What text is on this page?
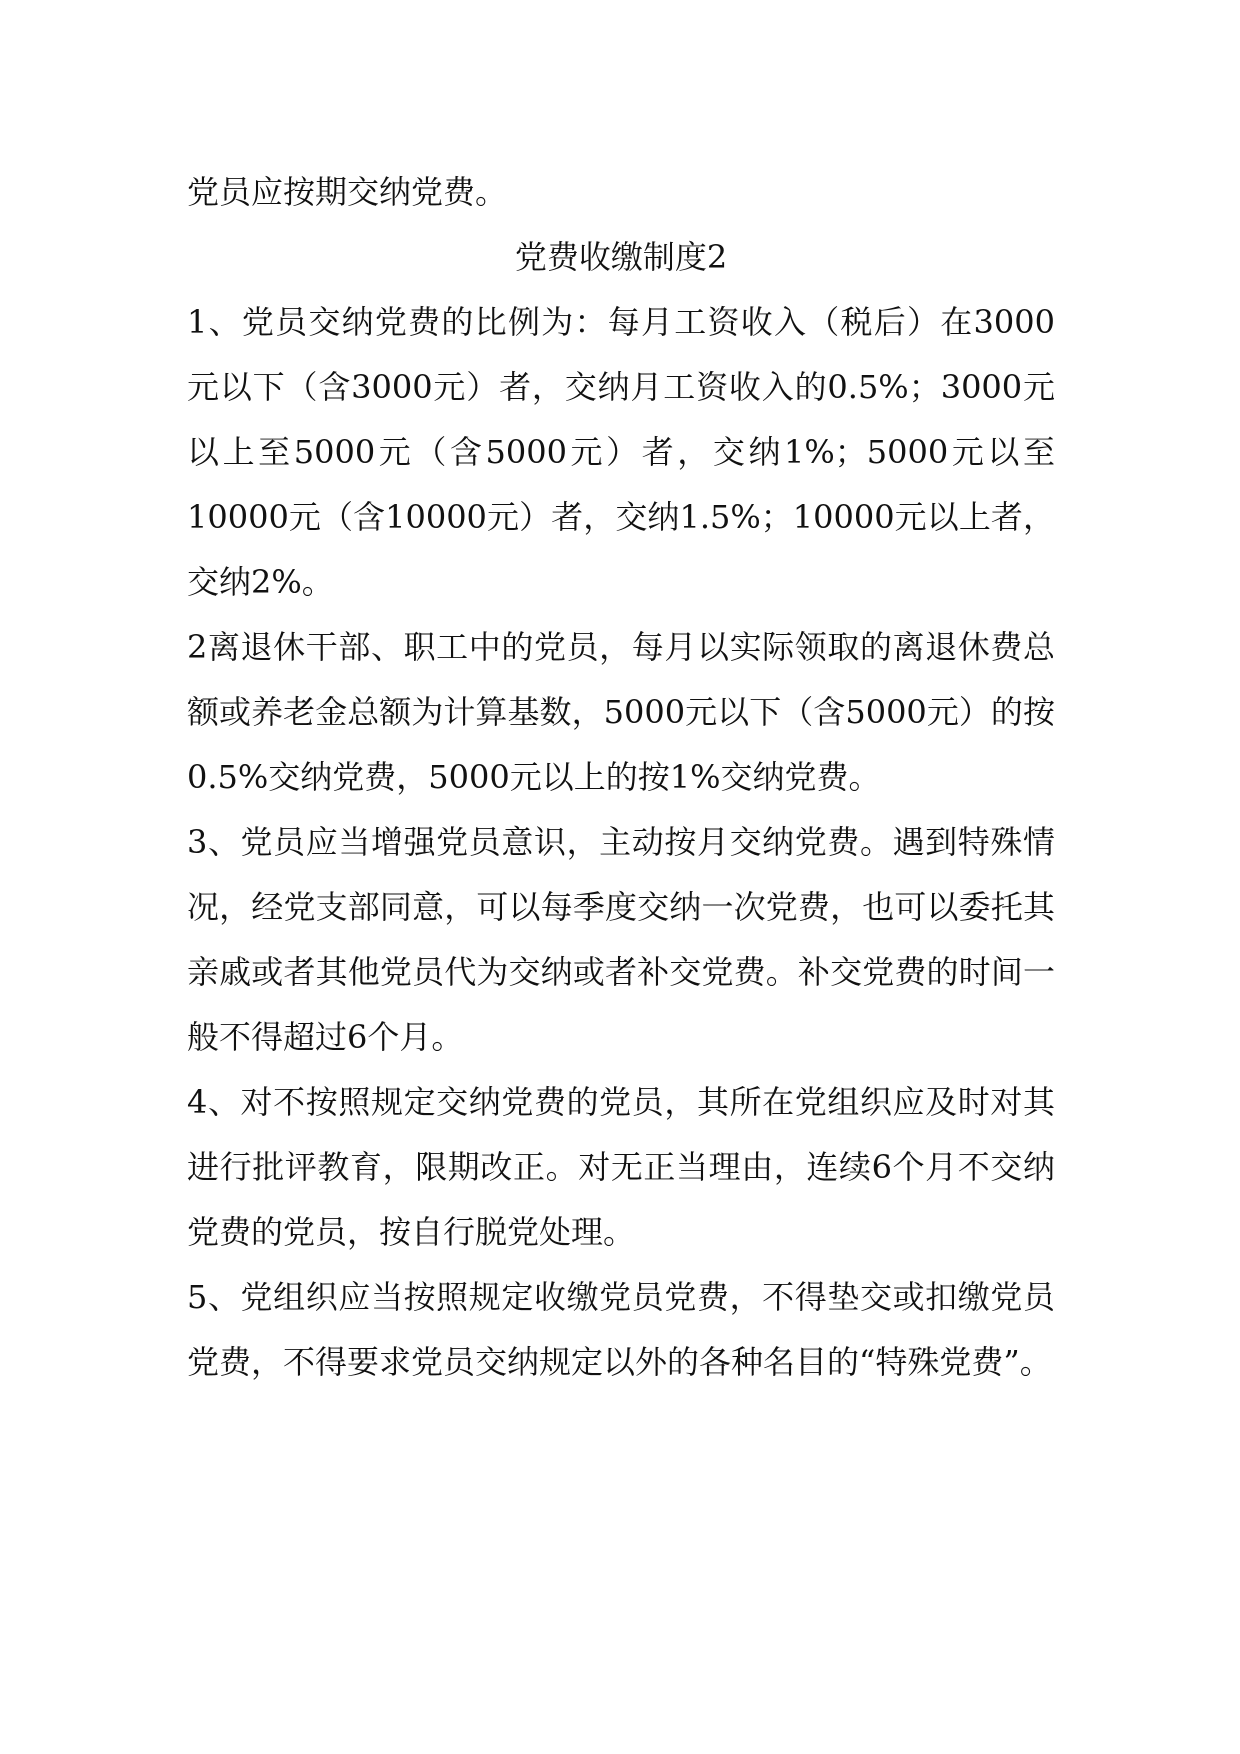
党员应按期交纳党费。

党费收缴制度2

1、党员交纳党费的比例为：每月工资收入（税后）在3000元以下（含3000元）者，交纳月工资收入的0.5%；3000元以上至5000元（含5000元）者，交纳1%；5000元以至10000元（含10000元）者，交纳1.5%；10000元以上者，交纳2%。

2离退休干部、职工中的党员，每月以实际领取的离退休费总额或养老金总额为计算基数，5000元以下（含5000元）的按0.5%交纳党费，5000元以上的按1%交纳党费。

3、党员应当增强党员意识，主动按月交纳党费。遇到特殊情况，经党支部同意，可以每季度交纳一次党费，也可以委托其亲戚或者其他党员代为交纳或者补交党费。补交党费的时间一般不得超过6个月。

4、对不按照规定交纳党费的党员，其所在党组织应及时对其进行批评教育，限期改正。对无正当理由，连续6个月不交纳党费的党员，按自行脱党处理。

5、党组织应当按照规定收缴党员党费，不得垫交或扣缴党员党费，不得要求党员交纳规定以外的各种名目的“特殊党费”。
